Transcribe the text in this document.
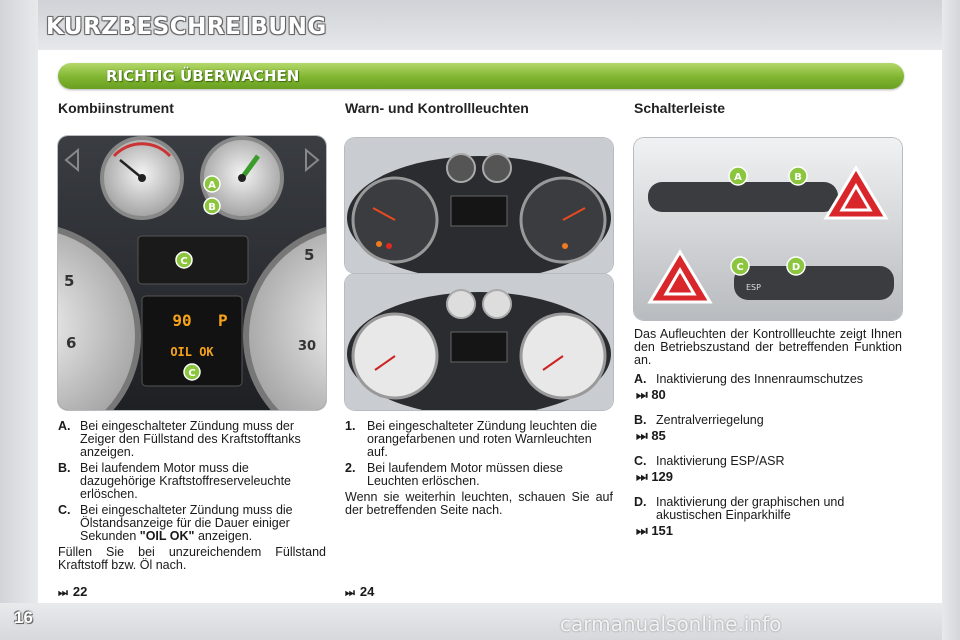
KURZBESCHREIBUNG
RICHTIG ÜBERWACHEN
Kombiinstrument	Warn- und Kontrollleuchten	Schalterleiste
5
6
5
30
A
B
C
90 P
OIL OK
C
A	B
C	D
ESP
A. Bei eingeschalteter Zündung muss der Zeiger den Füllstand des Kraftstofftanks anzeigen.
B. Bei laufendem Motor muss die dazugehörige Kraftstoffreserveleuchte erlöschen.
C. Bei eingeschalteter Zündung muss die Ölstandsanzeige für die Dauer einiger Sekunden "OIL OK" anzeigen.
Füllen Sie bei unzureichendem Füllstand Kraftstoff bzw. Öl nach.
⏭ 22
1. Bei eingeschalteter Zündung leuchten die orangefarbenen und roten Warnleuchten auf.
2. Bei laufendem Motor müssen diese Leuchten erlöschen.
Wenn sie weiterhin leuchten, schauen Sie auf der betreffenden Seite nach.
⏭ 24
Das Aufleuchten der Kontrollleuchte zeigt Ihnen den Betriebszustand der betreffenden Funktion an.
A. Inaktivierung des Innenraumschutzes
⏭ 80
B. Zentralverriegelung
⏭ 85
C. Inaktivierung ESP/ASR
⏭ 129
D. Inaktivierung der graphischen und akustischen Einparkhilfe
⏭ 151
16	carmanualsonline.info
